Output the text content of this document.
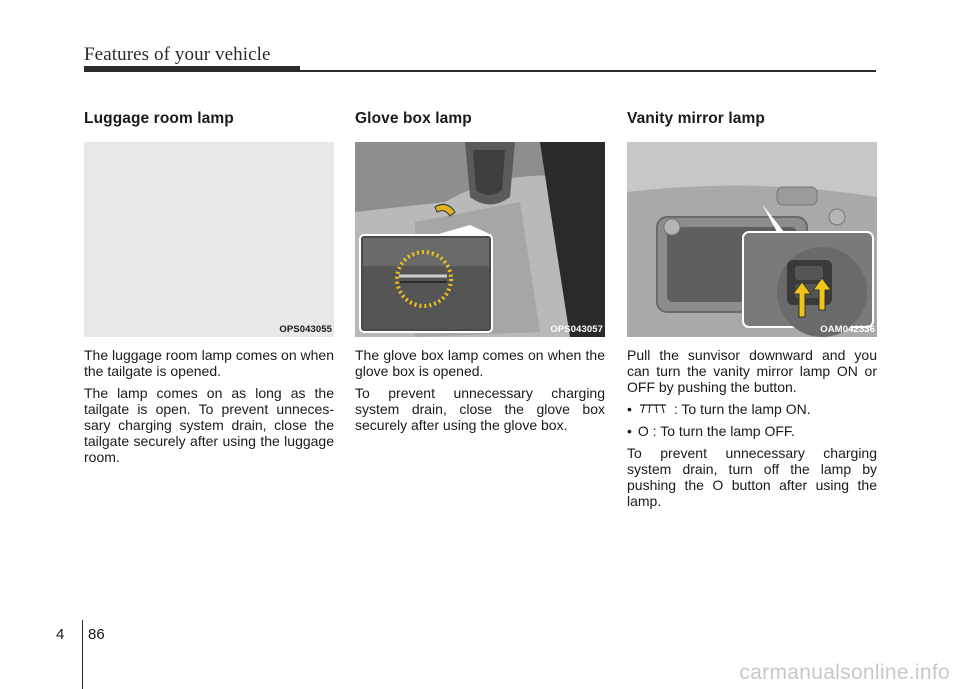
Features of your vehicle
Luggage room lamp
OPS043055

The luggage room lamp comes on when the tailgate is opened.

The lamp comes on as long as the tailgate is open. To prevent unneces-sary charging system drain, close the tailgate securely after using the luggage room.

Glove box lamp
OPS043057

The glove box lamp comes on when the glove box is opened.

To prevent unnecessary charging system drain, close the glove box securely after using the glove box.

Vanity mirror lamp
OAM042336

Pull the sunvisor downward and you can turn the vanity mirror lamp ON or OFF by pushing the button.

•	: To turn the lamp ON.
• O : To turn the lamp OFF.

To prevent unnecessary charging system drain, turn off the lamp by pushing the O button after using the lamp.

4 86
carmanualsonline.info
